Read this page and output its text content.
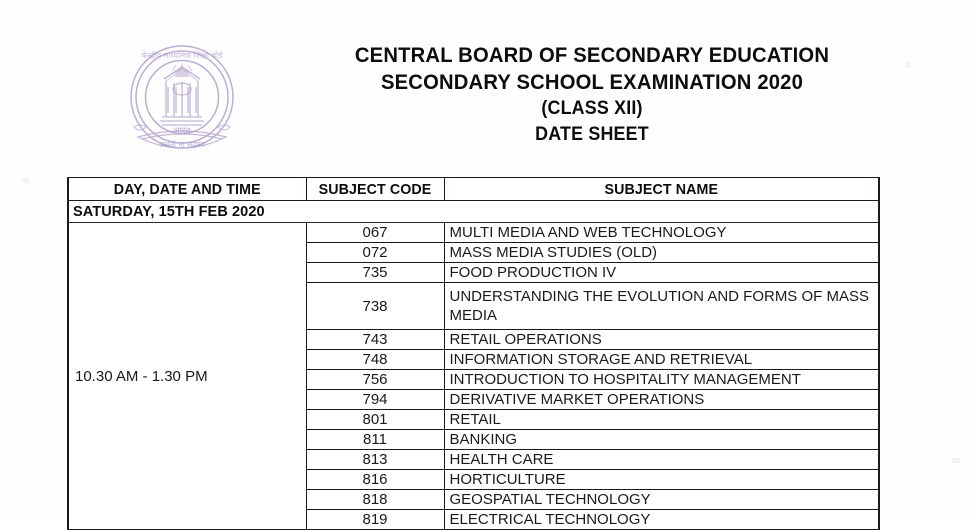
भारत
असतो मा सद्गमय
केन्द्रीय माध्यमिक शिक्षा बोर्ड	CENTRAL BOARD OF SECONDARY EDUCATION
SECONDARY SCHOOL EXAMINATION 2020
(CLASS XII)
DATE SHEET
DAY, DATE AND TIME	SUBJECT CODE	SUBJECT NAME
SATURDAY, 15TH FEB 2020		
10.30 AM - 1.30 PM	067	MULTI MEDIA AND WEB TECHNOLOGY
	072	MASS MEDIA STUDIES (OLD)
	735	FOOD PRODUCTION IV
	738	UNDERSTANDING THE EVOLUTION AND FORMS OF MASS MEDIA
	743	RETAIL OPERATIONS
	748	INFORMATION STORAGE AND RETRIEVAL
	756	INTRODUCTION TO HOSPITALITY MANAGEMENT
	794	DERIVATIVE MARKET OPERATIONS
	801	RETAIL
	811	BANKING
	813	HEALTH CARE
	816	HORTICULTURE
	818	GEOSPATIAL TECHNOLOGY
	819	ELECTRICAL TECHNOLOGY
